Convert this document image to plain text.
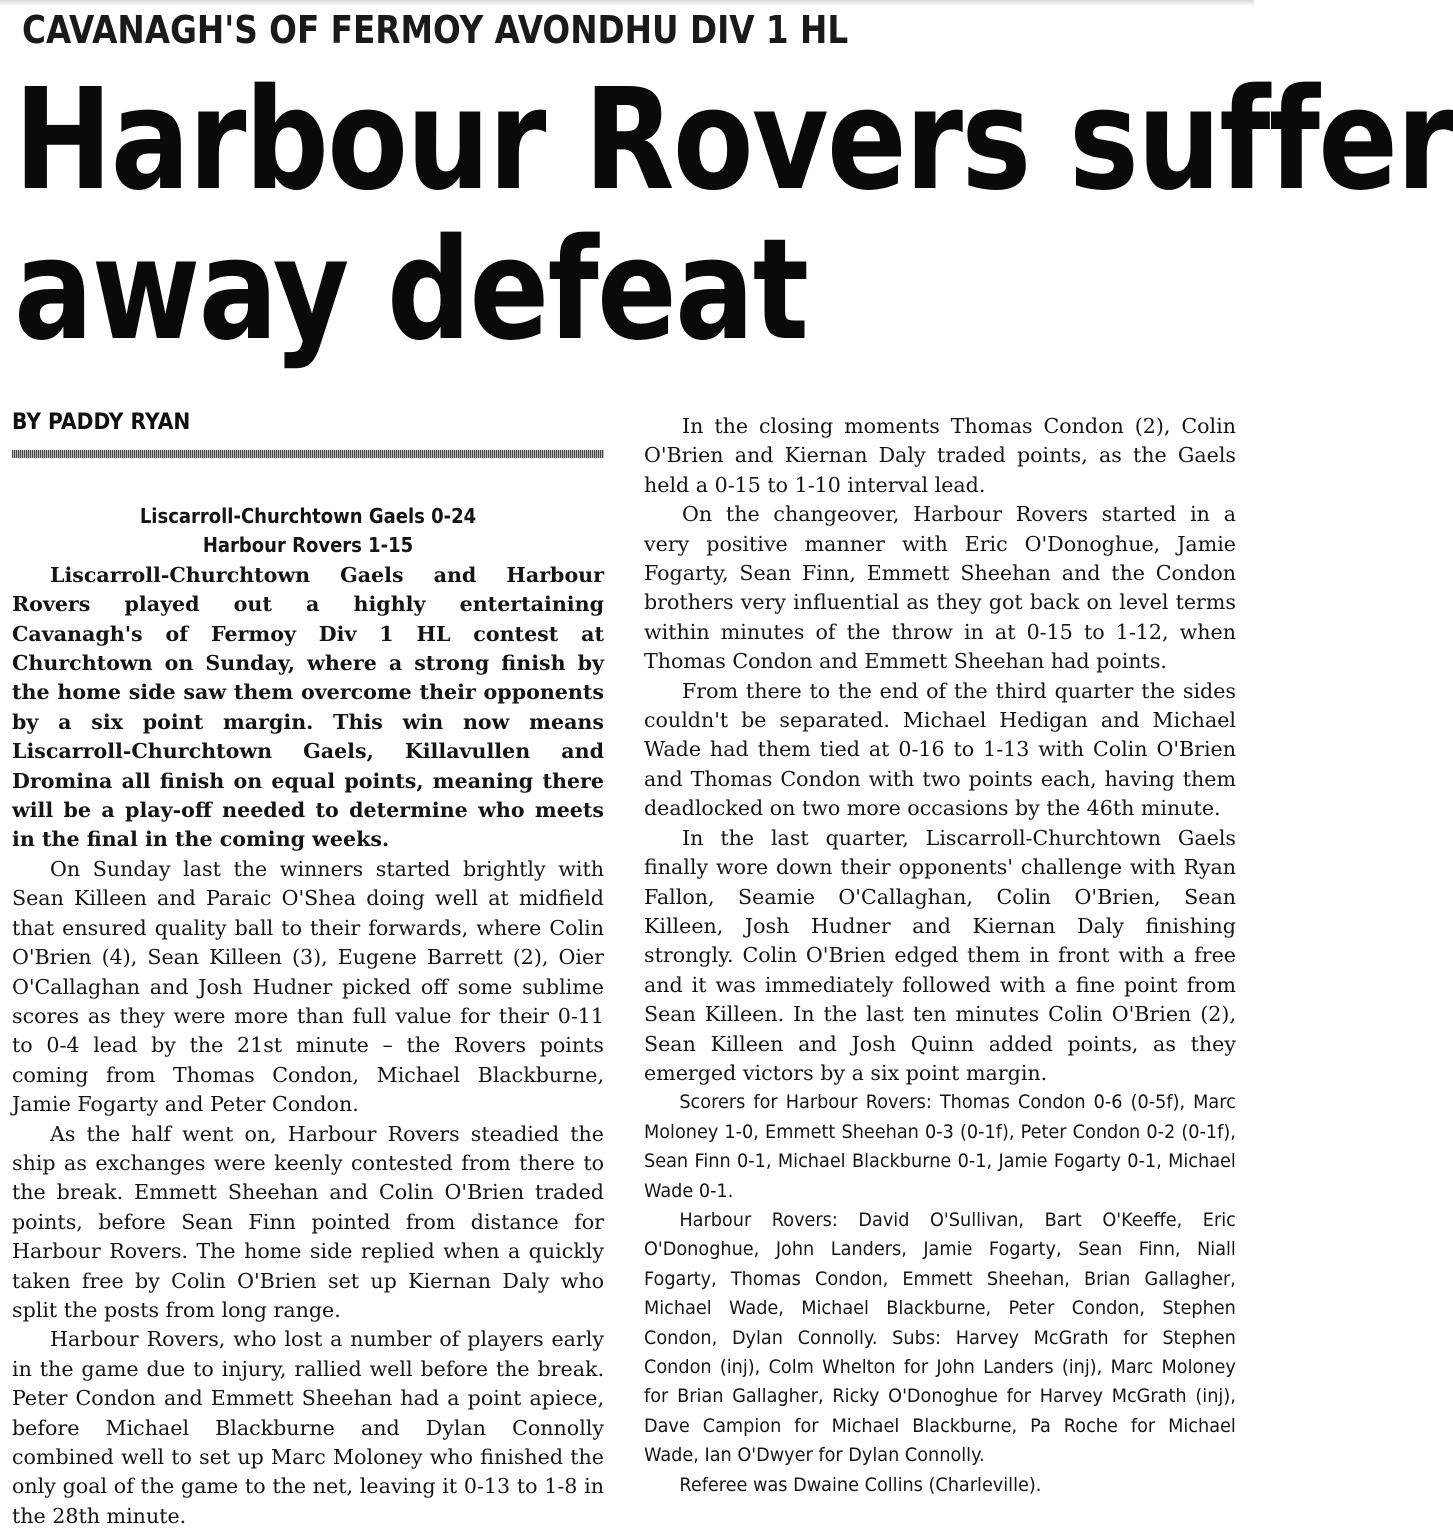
CAVANAGH'S OF FERMOY AVONDHU DIV 1 HL
Harbour Rovers suffer
away defeat
BY PADDY RYAN
Liscarroll-Churchtown Gaels 0-24
Harbour Rovers 1-15

Liscarroll-Churchtown Gaels and Harbour Rovers played out a highly entertaining Cavanagh's of Fermoy Div 1 HL contest at Churchtown on Sunday, where a strong finish by the home side saw them overcome their opponents by a six point margin. This win now means Liscarroll-Churchtown Gaels, Killavullen and Dromina all finish on equal points, meaning there will be a play-off needed to determine who meets in the final in the coming weeks.

On Sunday last the winners started brightly with Sean Killeen and Paraic O'Shea doing well at midfield that ensured quality ball to their forwards, where Colin O'Brien (4), Sean Killeen (3), Eugene Barrett (2), Oier O'Callaghan and Josh Hudner picked off some sublime scores as they were more than full value for their 0-11 to 0-4 lead by the 21st minute – the Rovers points coming from Thomas Condon, Michael Blackburne, Jamie Fogarty and Peter Condon.

As the half went on, Harbour Rovers steadied the ship as exchanges were keenly contested from there to the break. Emmett Sheehan and Colin O'Brien traded points, before Sean Finn pointed from distance for Harbour Rovers. The home side replied when a quickly taken free by Colin O'Brien set up Kiernan Daly who split the posts from long range.

Harbour Rovers, who lost a number of players early in the game due to injury, rallied well before the break. Peter Condon and Emmett Sheehan had a point apiece, before Michael Blackburne and Dylan Connolly combined well to set up Marc Moloney who finished the only goal of the game to the net, leaving it 0-13 to 1-8 in the 28th minute.

In the closing moments Thomas Condon (2), Colin O'Brien and Kiernan Daly traded points, as the Gaels held a 0-15 to 1-10 interval lead.

On the changeover, Harbour Rovers started in a very positive manner with Eric O'Donoghue, Jamie Fogarty, Sean Finn, Emmett Sheehan and the Condon brothers very influential as they got back on level terms within minutes of the throw in at 0-15 to 1-12, when Thomas Condon and Emmett Sheehan had points.

From there to the end of the third quarter the sides couldn't be separated. Michael Hedigan and Michael Wade had them tied at 0-16 to 1-13 with Colin O'Brien and Thomas Condon with two points each, having them deadlocked on two more occasions by the 46th minute.

In the last quarter, Liscarroll-Churchtown Gaels finally wore down their opponents' challenge with Ryan Fallon, Seamie O'Callaghan, Colin O'Brien, Sean Killeen, Josh Hudner and Kiernan Daly finishing strongly. Colin O'Brien edged them in front with a free and it was immediately followed with a fine point from Sean Killeen. In the last ten minutes Colin O'Brien (2), Sean Killeen and Josh Quinn added points, as they emerged victors by a six point margin.

Scorers for Harbour Rovers: Thomas Condon 0-6 (0-5f), Marc Moloney 1-0, Emmett Sheehan 0-3 (0-1f), Peter Condon 0-2 (0-1f), Sean Finn 0-1, Michael Blackburne 0-1, Jamie Fogarty 0-1, Michael Wade 0-1.

Harbour Rovers: David O'Sullivan, Bart O'Keeffe, Eric O'Donoghue, John Landers, Jamie Fogarty, Sean Finn, Niall Fogarty, Thomas Condon, Emmett Sheehan, Brian Gallagher, Michael Wade, Michael Blackburne, Peter Condon, Stephen Condon, Dylan Connolly. Subs: Harvey McGrath for Stephen Condon (inj), Colm Whelton for John Landers (inj), Marc Moloney for Brian Gallagher, Ricky O'Donoghue for Harvey McGrath (inj), Dave Campion for Michael Blackburne, Pa Roche for Michael Wade, Ian O'Dwyer for Dylan Connolly.

Referee was Dwaine Collins (Charleville).
